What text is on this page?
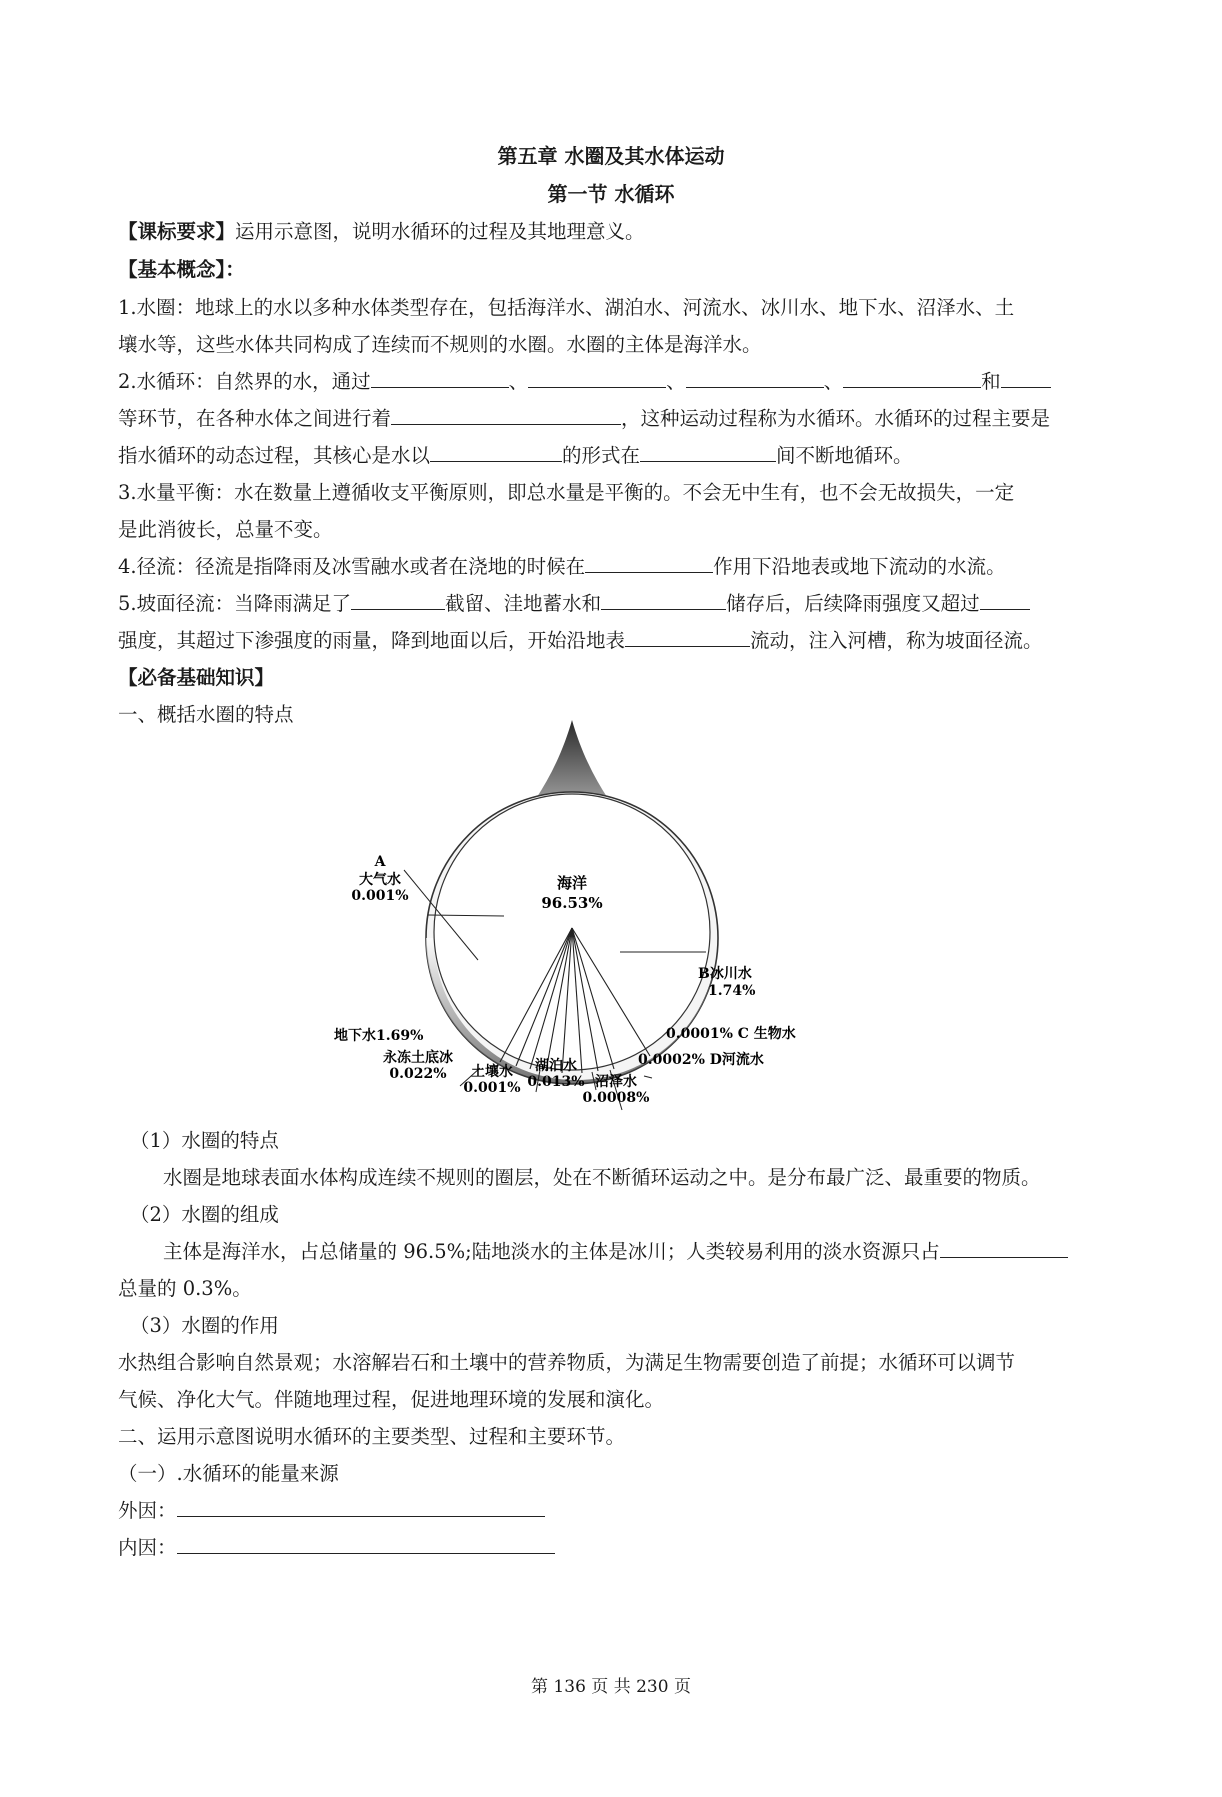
第五章 水圈及其水体运动
第一节 水循环
【课标要求】运用示意图，说明水循环的过程及其地理意义。
【基本概念】：
1.水圈：地球上的水以多种水体类型存在，包括海洋水、湖泊水、河流水、冰川水、地下水、沼泽水、土
壤水等，这些水体共同构成了连续而不规则的水圈。水圈的主体是海洋水。
2.水循环：自然界的水，通过	、	、	、	和
等环节，在各种水体之间进行着	，这种运动过程称为水循环。水循环的过程主要是
指水循环的动态过程，其核心是水以	的形式在	间不断地循环。
3.水量平衡：水在数量上遵循收支平衡原则，即总水量是平衡的。不会无中生有，也不会无故损失，一定
是此消彼长，总量不变。
4.径流：径流是指降雨及冰雪融水或者在浇地的时候在	作用下沿地表或地下流动的水流。
5.坡面径流：当降雨满足了	截留、洼地蓄水和	储存后，后续降雨强度又超过
强度，其超过下渗强度的雨量，降到地面以后，开始沿地表	流动，注入河槽，称为坡面径流。
【必备基础知识】
一、概括水圈的特点
海洋
96.53%
A
大气水
0.001%
B冰川水
1.74%
地下水1.69%
永冻土底冰
0.022% 土壤水
0.001%
湖泊水
0.013% 沼泽水
0.0008%
0.0001% C 生物水
0.0002% D河流水
（1）水圈的特点
水圈是地球表面水体构成连续不规则的圈层，处在不断循环运动之中。是分布最广泛、最重要的物质。
（2）水圈的组成
主体是海洋水，占总储量的 96.5%;陆地淡水的主体是冰川；人类较易利用的淡水资源只占
总量的 0.3%。
（3）水圈的作用
水热组合影响自然景观；水溶解岩石和土壤中的营养物质，为满足生物需要创造了前提；水循环可以调节
气候、净化大气。伴随地理过程，促进地理环境的发展和演化。
二、运用示意图说明水循环的主要类型、过程和主要环节。
（一）.水循环的能量来源
外因：
内因：
第 136 页 共 230 页
